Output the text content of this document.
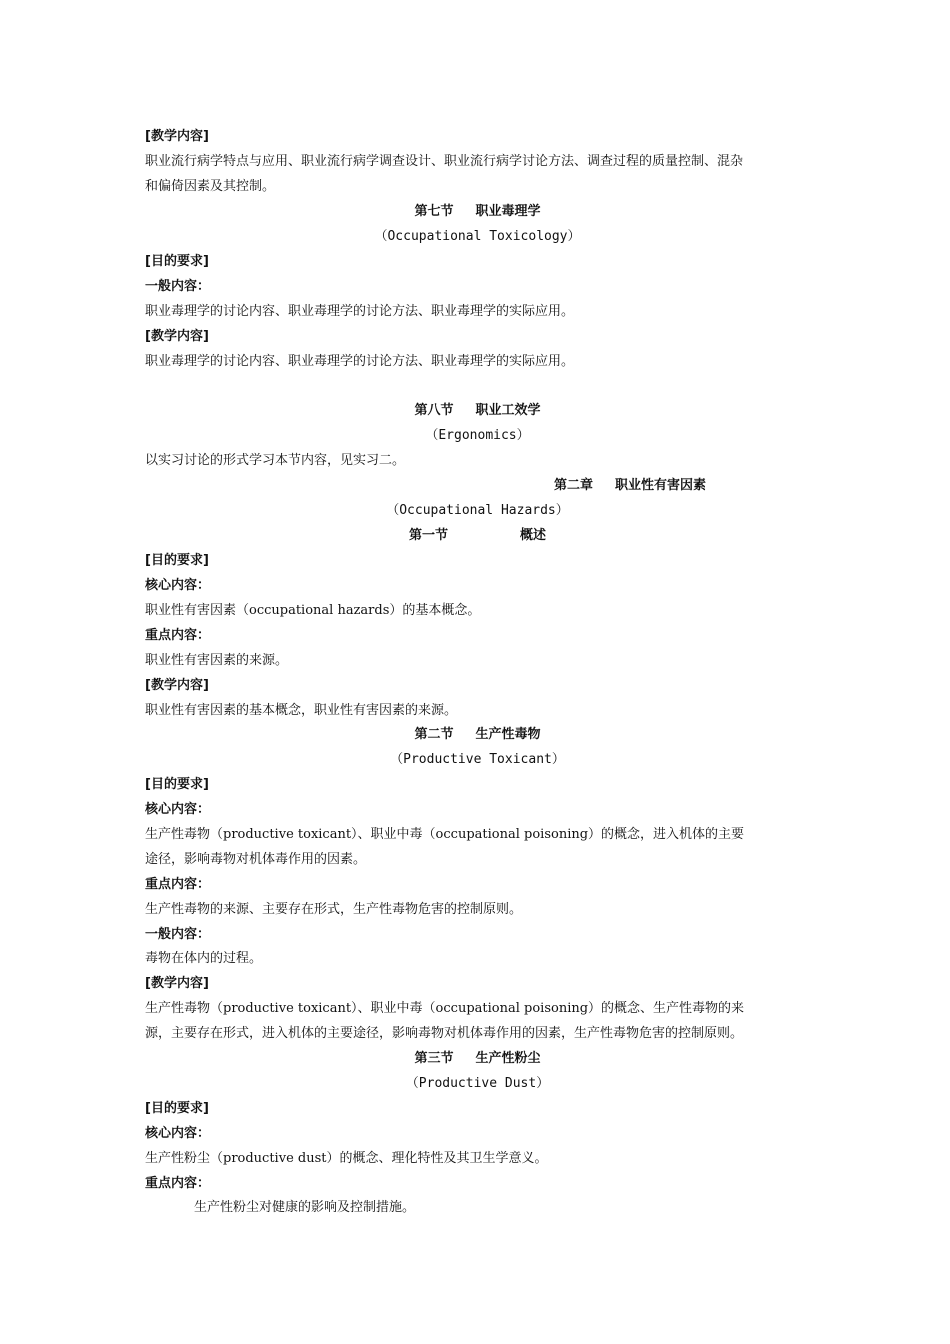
[教学内容]
职业流行病学特点与应用、职业流行病学调查设计、职业流行病学讨论方法、调查过程的质量控制、混杂
和偏倚因素及其控制。
第七节 职业毒理学
（Occupational Toxicology）
[目的要求]
一般内容：
职业毒理学的讨论内容、职业毒理学的讨论方法、职业毒理学的实际应用。
[教学内容]
职业毒理学的讨论内容、职业毒理学的讨论方法、职业毒理学的实际应用。
第八节 职业工效学
（Ergonomics）
以实习讨论的形式学习本节内容，见实习二。
第二章 职业性有害因素
（Occupational Hazards）
第一节	概述
[目的要求]
核心内容：
职业性有害因素（occupational hazards）的基本概念。
重点内容：
职业性有害因素的来源。
[教学内容]
职业性有害因素的基本概念，职业性有害因素的来源。
第二节 生产性毒物
（Productive Toxicant）
[目的要求]
核心内容：
生产性毒物（productive toxicant）、职业中毒（occupational poisoning）的概念，进入机体的主要
途径，影响毒物对机体毒作用的因素。
重点内容：
生产性毒物的来源、主要存在形式，生产性毒物危害的控制原则。
一般内容：
毒物在体内的过程。
[教学内容]
生产性毒物（productive toxicant）、职业中毒（occupational poisoning）的概念、生产性毒物的来
源，主要存在形式，进入机体的主要途径，影响毒物对机体毒作用的因素，生产性毒物危害的控制原则。
第三节 生产性粉尘
（Productive Dust）
[目的要求]
核心内容：
生产性粉尘（productive dust）的概念、理化特性及其卫生学意义。
重点内容：
生产性粉尘对健康的影响及控制措施。
